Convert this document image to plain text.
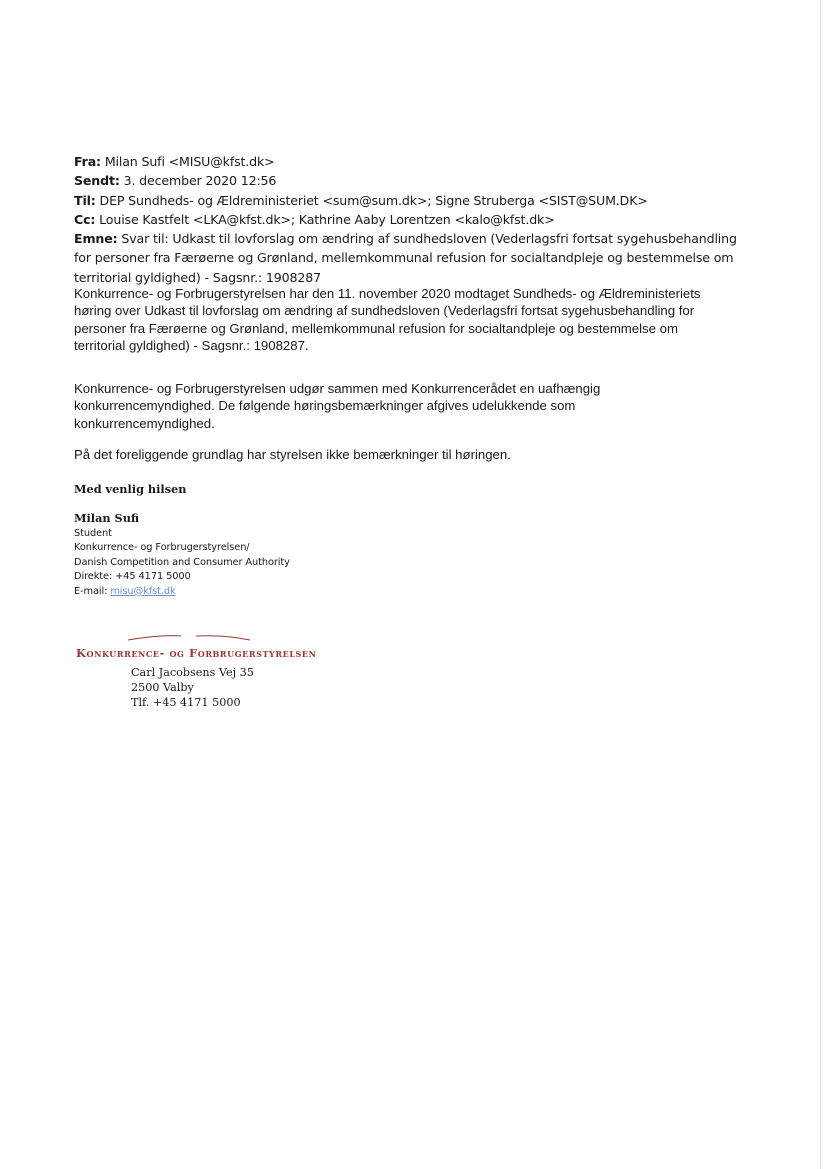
Fra: Milan Sufi <MISU@kfst.dk>
Sendt: 3. december 2020 12:56
Til: DEP Sundheds- og Ældreministeriet <sum@sum.dk>; Signe Struberga <SIST@SUM.DK>
Cc: Louise Kastfelt <LKA@kfst.dk>; Kathrine Aaby Lorentzen <kalo@kfst.dk>
Emne: Svar til: Udkast til lovforslag om ændring af sundhedsloven (Vederlagsfri fortsat sygehusbehandling
for personer fra Færøerne og Grønland, mellemkommunal refusion for socialtandpleje og bestemmelse om
territorial gyldighed) - Sagsnr.: 1908287

Konkurrence- og Forbrugerstyrelsen har den 11. november 2020 modtaget Sundheds- og Ældreministeriets

høring over Udkast til lovforslag om ændring af sundhedsloven (Vederlagsfri fortsat sygehusbehandling for

personer fra Færøerne og Grønland, mellemkommunal refusion for socialtandpleje og bestemmelse om

territorial gyldighed) - Sagsnr.: 1908287.

Konkurrence- og Forbrugerstyrelsen udgør sammen med Konkurrencerådet en uafhængig

konkurrencemyndighed. De følgende høringsbemærkninger afgives udelukkende som

konkurrencemyndighed.

På det foreliggende grundlag har styrelsen ikke bemærkninger til høringen.

Med venlig hilsen
Milan Sufi
Student
Konkurrence- og Forbrugerstyrelsen/
Danish Competition and Consumer Authority
Direkte: +45 4171 5000
E-mail: misu@kfst.dk
Konkurrence- og Forbrugerstyrelsen
Carl Jacobsens Vej 35
2500 Valby
Tlf. +45 4171 5000
